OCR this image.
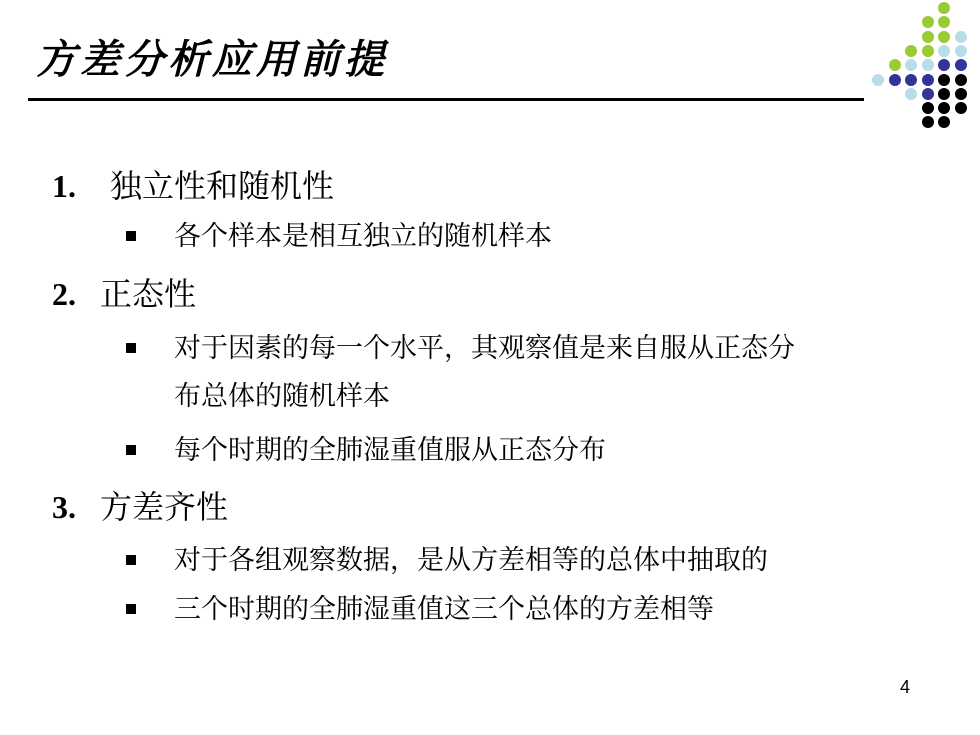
方差分析应用前提
1. 独立性和随机性
各个样本是相互独立的随机样本
2. 正态性
对于因素的每一个水平，其观察值是来自服从正态分
布总体的随机样本
每个时期的全肺湿重值服从正态分布
3. 方差齐性
对于各组观察数据，是从方差相等的总体中抽取的
三个时期的全肺湿重值这三个总体的方差相等
4
